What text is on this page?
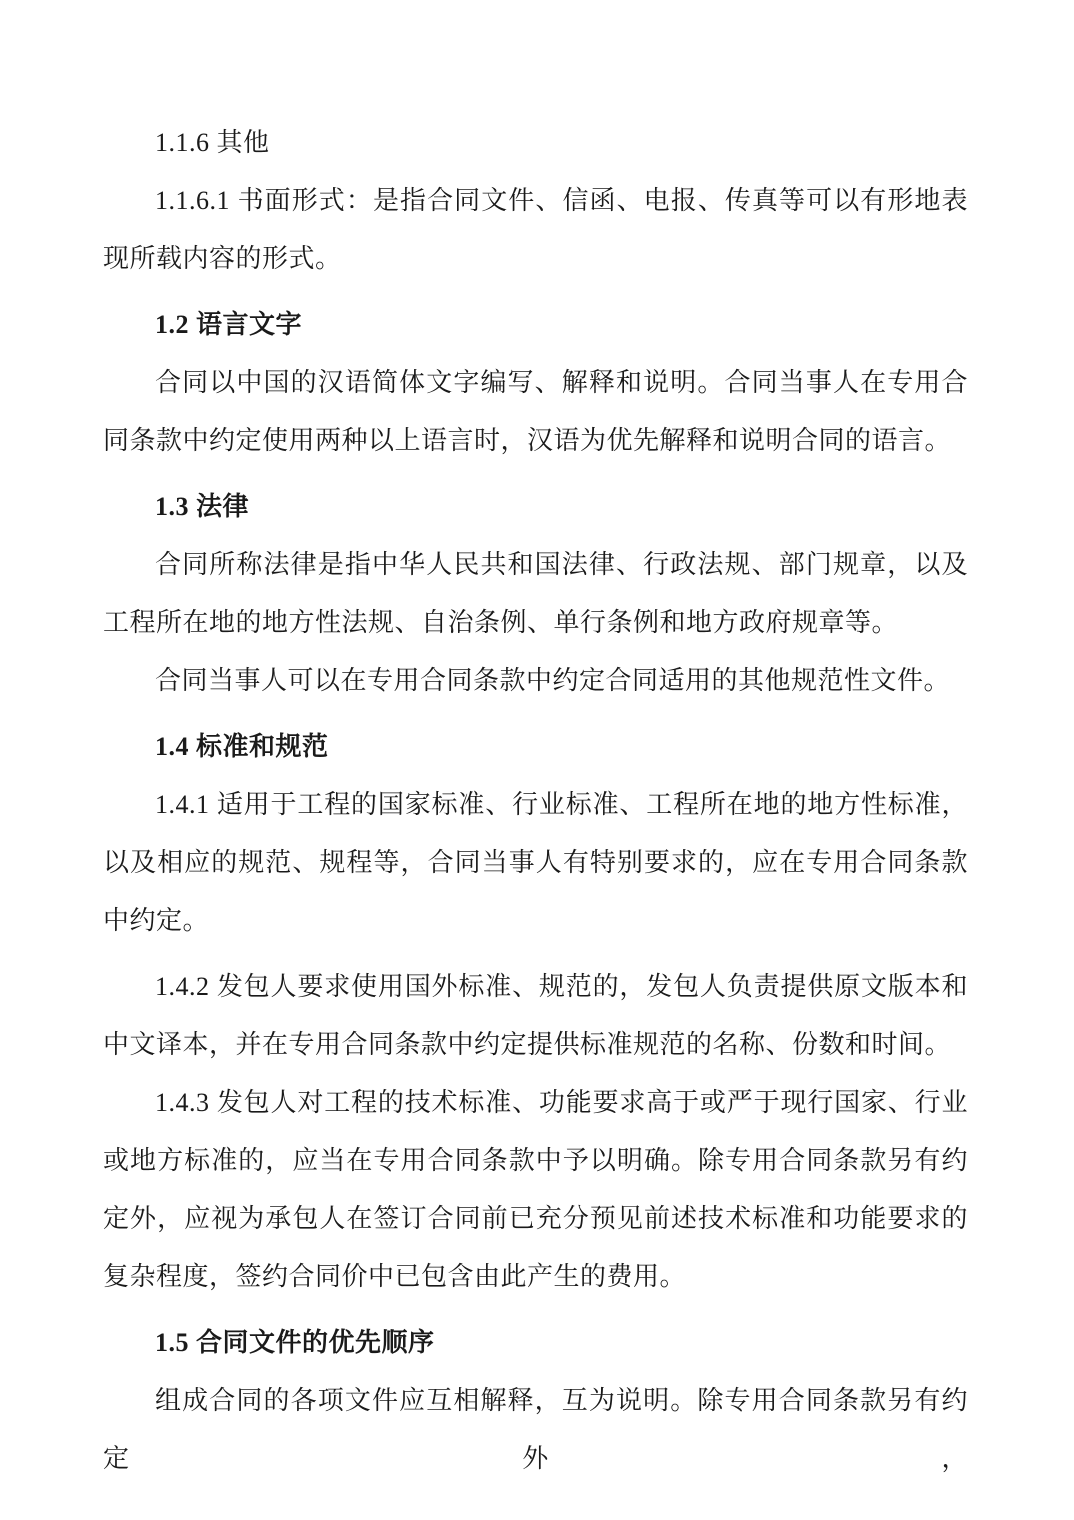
1.1.6 其他

1.1.6.1 书面形式：是指合同文件、信函、电报、传真等可以有形地表现所载内容的形式。

1.2 语言文字

合同以中国的汉语简体文字编写、解释和说明。合同当事人在专用合同条款中约定使用两种以上语言时，汉语为优先解释和说明合同的语言。

1.3 法律

合同所称法律是指中华人民共和国法律、行政法规、部门规章，以及工程所在地的地方性法规、自治条例、单行条例和地方政府规章等。

合同当事人可以在专用合同条款中约定合同适用的其他规范性文件。

1.4 标准和规范

1.4.1 适用于工程的国家标准、行业标准、工程所在地的地方性标准，以及相应的规范、规程等，合同当事人有特别要求的，应在专用合同条款中约定。

1.4.2 发包人要求使用国外标准、规范的，发包人负责提供原文版本和中文译本，并在专用合同条款中约定提供标准规范的名称、份数和时间。

1.4.3 发包人对工程的技术标准、功能要求高于或严于现行国家、行业或地方标准的，应当在专用合同条款中予以明确。除专用合同条款另有约定外，应视为承包人在签订合同前已充分预见前述技术标准和功能要求的复杂程度，签约合同价中已包含由此产生的费用。

1.5 合同文件的优先顺序

组成合同的各项文件应互相解释，互为说明。除专用合同条款另有约定外，
